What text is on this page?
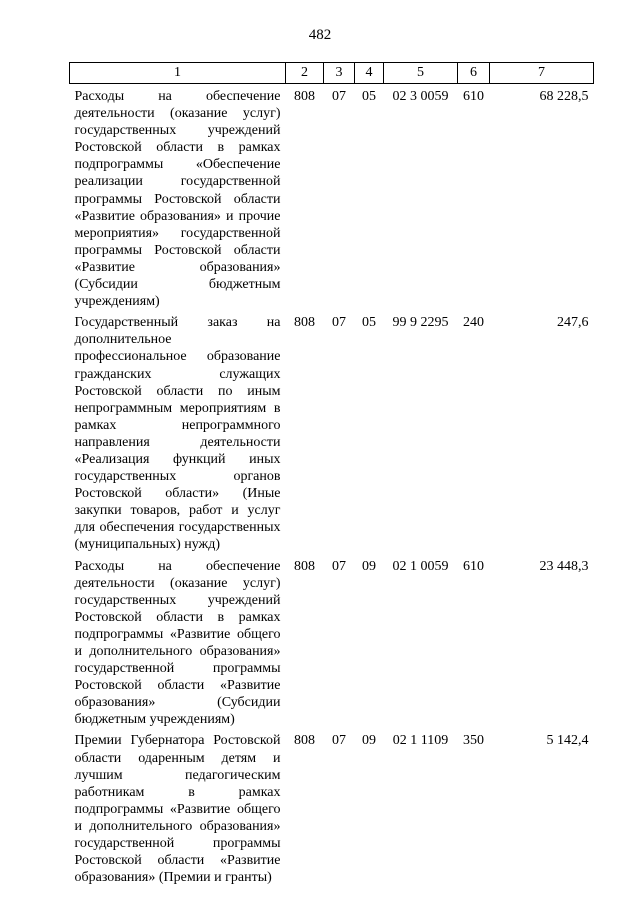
482
1	2	3	4	5	6	7
Расходы на обеспечение деятельности (оказание услуг) государственных учреждений Ростовской области в рамках подпрограммы «Обеспечение реализации государственной программы Ростовской области «Развитие образования» и прочие мероприятия» государственной программы Ростовской области «Развитие образования» (Субсидии бюджетным учреждениям)	808	07	05	02 3 0059	610	68 228,5
Государственный заказ на дополнительное профессиональное образование гражданских служащих Ростовской области по иным непрограммным мероприятиям в рамках непрограммного направления деятельности «Реализация функций иных государственных органов Ростовской области» (Иные закупки товаров, работ и услуг для обеспечения государственных (муниципальных) нужд)	808	07	05	99 9 2295	240	247,6
Расходы на обеспечение деятельности (оказание услуг) государственных учреждений Ростовской области в рамках подпрограммы «Развитие общего и дополнительного образования» государственной программы Ростовской области «Развитие образования» (Субсидии бюджетным учреждениям)	808	07	09	02 1 0059	610	23 448,3
Премии Губернатора Ростовской области одаренным детям и лучшим педагогическим работникам в рамках подпрограммы «Развитие общего и дополнительного образования» государственной программы Ростовской области «Развитие образования» (Премии и гранты)	808	07	09	02 1 1109	350	5 142,4
